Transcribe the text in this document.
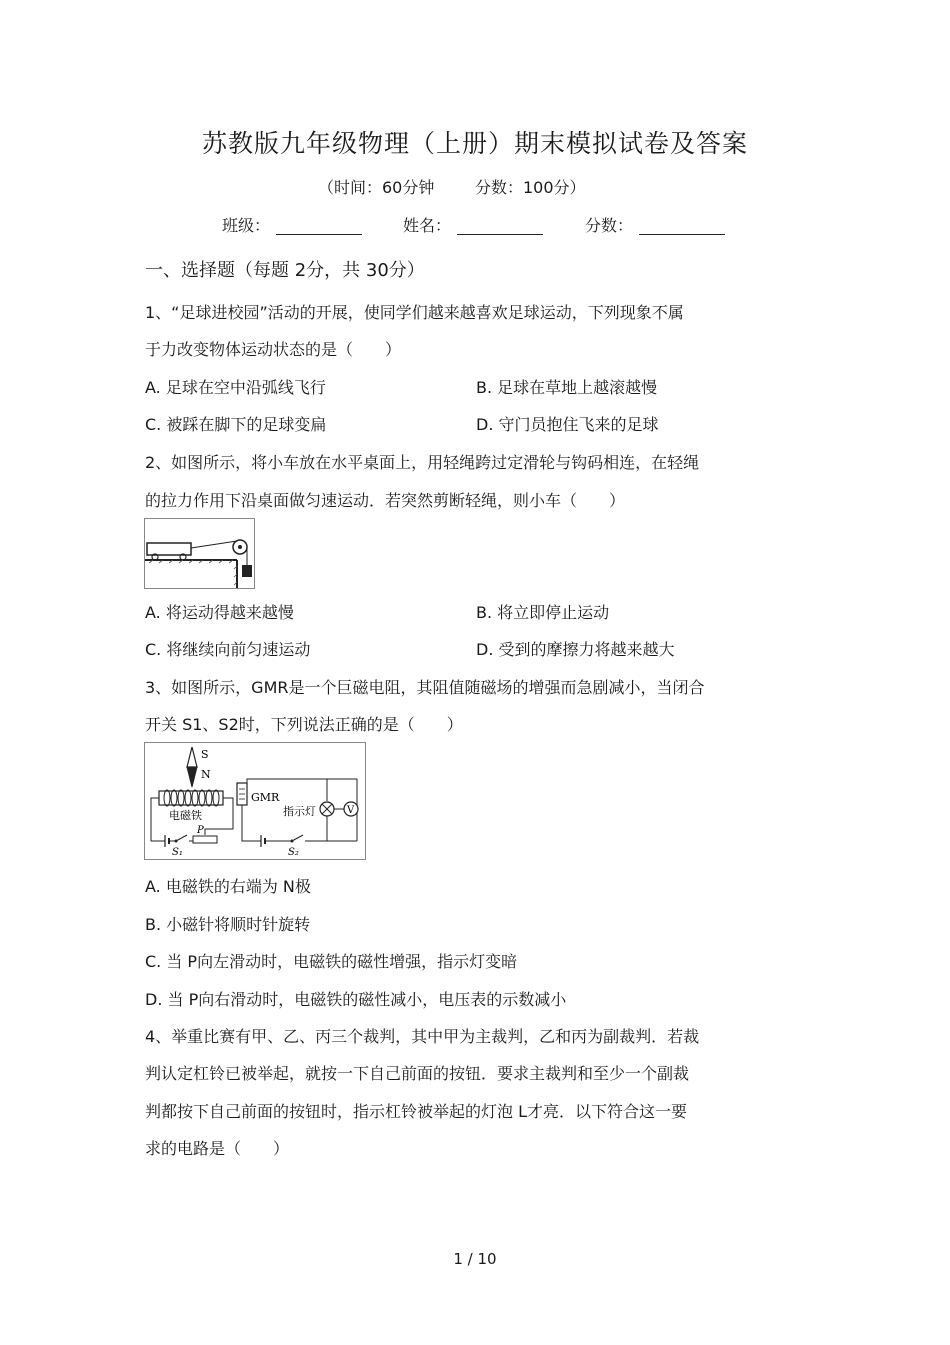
苏教版九年级物理（上册）期末模拟试卷及答案
（时间：60分钟	分数：100分）
班级：	姓名：	分数：
一、选择题（每题 2分，共 30分）
1、“足球进校园”活动的开展，使同学们越来越喜欢足球运动，下列现象不属
于力改变物体运动状态的是（　　）
A. 足球在空中沿弧线飞行	B. 足球在草地上越滚越慢
C. 被踩在脚下的足球变扁	D. 守门员抱住飞来的足球
2、如图所示，将小车放在水平桌面上，用轻绳跨过定滑轮与钩码相连，在轻绳
的拉力作用下沿桌面做匀速运动．若突然剪断轻绳，则小车（　　）
A. 将运动得越来越慢	B. 将立即停止运动
C. 将继续向前匀速运动	D. 受到的摩擦力将越来越大
3、如图所示，GMR是一个巨磁电阻，其阻值随磁场的增强而急剧减小，当闭合
开关 S1、S2时，下列说法正确的是（　　）
S
N
电磁铁
S₁
P
GMR
指示灯	V
S₂
A. 电磁铁的右端为 N极
B. 小磁针将顺时针旋转
C. 当 P向左滑动时，电磁铁的磁性增强，指示灯变暗
D. 当 P向右滑动时，电磁铁的磁性减小，电压表的示数减小
4、举重比赛有甲、乙、丙三个裁判，其中甲为主裁判，乙和丙为副裁判．若裁
判认定杠铃已被举起，就按一下自己前面的按钮．要求主裁判和至少一个副裁
判都按下自己前面的按钮时，指示杠铃被举起的灯泡 L才亮．以下符合这一要
求的电路是（　　）
1 / 10
